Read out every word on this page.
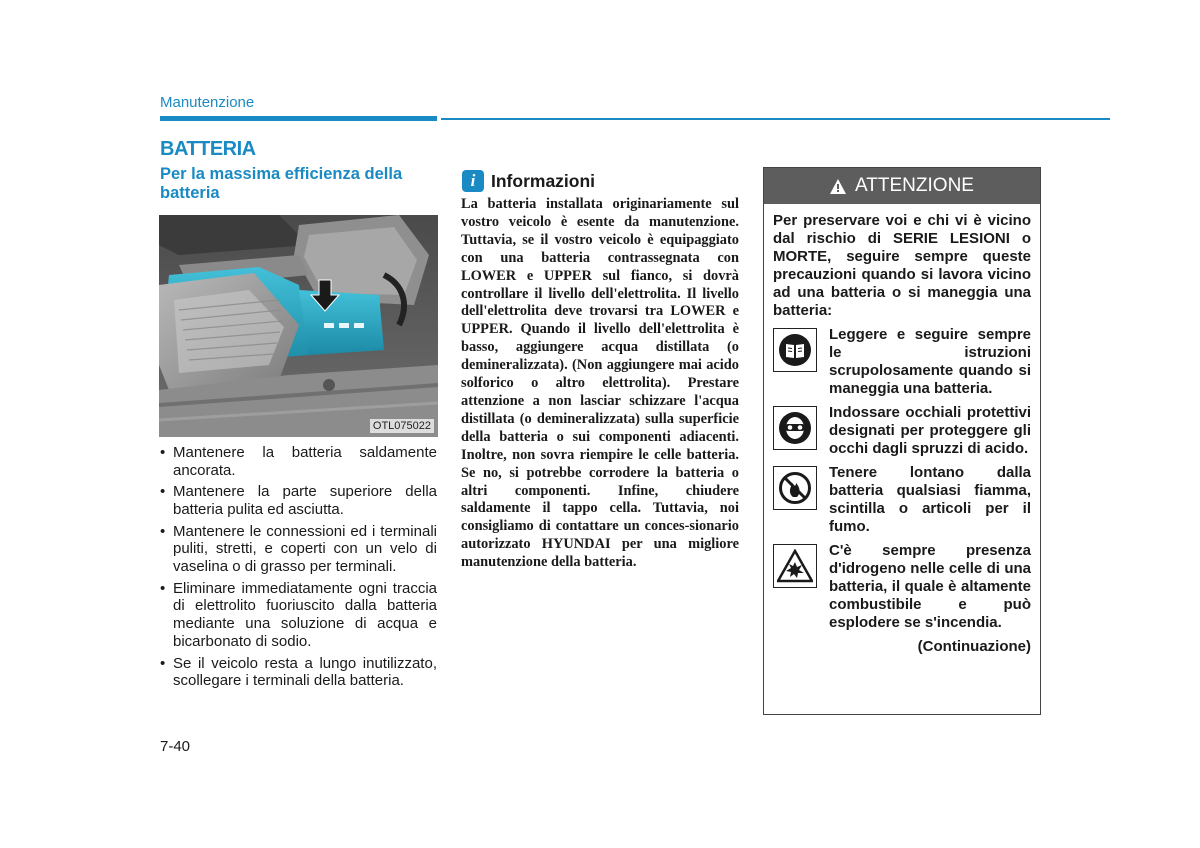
Manutenzione
BATTERIA
Per la massima efficienza della batteria
OTL075022
• Mantenere la batteria saldamente ancorata.
• Mantenere la parte superiore della batteria pulita ed asciutta.
• Mantenere le connessioni ed i terminali puliti, stretti, e coperti con un velo di vaselina o di grasso per terminali.
• Eliminare immediatamente ogni traccia di elettrolito fuoriuscito dalla batteria mediante una soluzione di acqua e bicarbonato di sodio.
• Se il veicolo resta a lungo inutilizzato, scollegare i terminali della batteria.
7-40
i Informazioni
La batteria installata originariamente sul vostro veicolo è esente da manutenzione. Tuttavia, se il vostro veicolo è equipaggiato con una batteria contrassegnata con LOWER e UPPER sul fianco, si dovrà controllare il livello dell'elettrolita. Il livello dell'elettrolita deve trovarsi tra LOWER e UPPER. Quando il livello dell'elettrolita è basso, aggiungere acqua distillata (o demineralizzata). (Non aggiungere mai acido solforico o altro elettrolita). Prestare attenzione a non lasciar schizzare l'acqua distillata (o demineralizzata) sulla superficie della batteria o sui componenti adiacenti. Inoltre, non sovra riempire le celle batteria. Se no, si potrebbe corrodere la batteria o altri componenti. Infine, chiudere saldamente il tappo cella. Tuttavia, noi consigliamo di contattare un conces-sionario autorizzato HYUNDAI per una migliore manutenzione della batteria.
ATTENZIONE
Per preservare voi e chi vi è vicino dal rischio di SERIE LESIONI o MORTE, seguire sempre queste precauzioni quando si lavora vicino ad una batteria o si maneggia una batteria:
Leggere e seguire sempre le istruzioni scrupolosamente quando si maneggia una batteria.
Indossare occhiali protettivi designati per proteggere gli occhi dagli spruzzi di acido.
Tenere lontano dalla batteria qualsiasi fiamma, scintilla o articoli per il fumo.
C'è sempre presenza d'idrogeno nelle celle di una batteria, il quale è altamente combustibile e può esplodere se s'incendia.
(Continuazione)
